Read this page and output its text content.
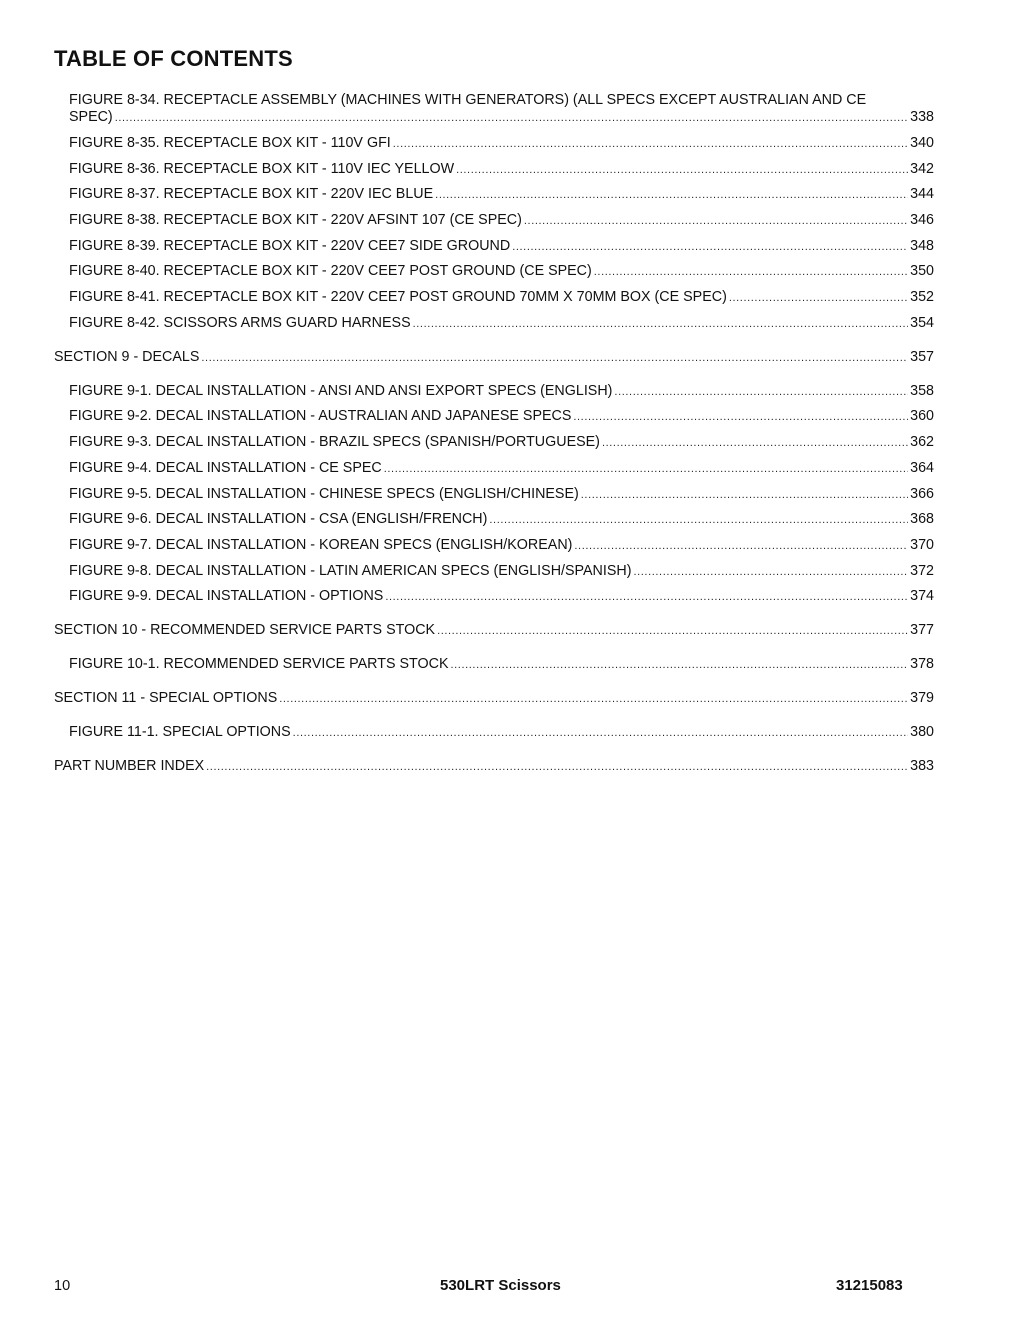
TABLE OF CONTENTS
FIGURE 8-34. RECEPTACLE ASSEMBLY (MACHINES WITH GENERATORS) (ALL SPECS EXCEPT AUSTRALIAN AND CE
SPEC) .....	338
FIGURE 8-35. RECEPTACLE BOX KIT - 110V GFI .....	340
FIGURE 8-36. RECEPTACLE BOX KIT - 110V IEC YELLOW .....	342
FIGURE 8-37. RECEPTACLE BOX KIT - 220V IEC BLUE .....	344
FIGURE 8-38. RECEPTACLE BOX KIT - 220V AFSINT 107 (CE SPEC) .....	346
FIGURE 8-39. RECEPTACLE BOX KIT - 220V CEE7 SIDE GROUND .....	348
FIGURE 8-40. RECEPTACLE BOX KIT - 220V CEE7 POST GROUND (CE SPEC) .....	350
FIGURE 8-41. RECEPTACLE BOX KIT - 220V CEE7 POST GROUND 70MM X 70MM BOX (CE SPEC) .....	352
FIGURE 8-42. SCISSORS ARMS GUARD HARNESS .....	354
SECTION 9 - DECALS .....	357
FIGURE 9-1. DECAL INSTALLATION - ANSI AND ANSI EXPORT SPECS (ENGLISH) .....	358
FIGURE 9-2. DECAL INSTALLATION - AUSTRALIAN AND JAPANESE SPECS .....	360
FIGURE 9-3. DECAL INSTALLATION - BRAZIL SPECS (SPANISH/PORTUGUESE) .....	362
FIGURE 9-4. DECAL INSTALLATION - CE SPEC .....	364
FIGURE 9-5. DECAL INSTALLATION - CHINESE SPECS (ENGLISH/CHINESE) .....	366
FIGURE 9-6. DECAL INSTALLATION - CSA (ENGLISH/FRENCH) .....	368
FIGURE 9-7. DECAL INSTALLATION - KOREAN SPECS (ENGLISH/KOREAN) .....	370
FIGURE 9-8. DECAL INSTALLATION - LATIN AMERICAN SPECS (ENGLISH/SPANISH) .....	372
FIGURE 9-9. DECAL INSTALLATION - OPTIONS .....	374
SECTION 10 - RECOMMENDED SERVICE PARTS STOCK .....	377
FIGURE 10-1. RECOMMENDED SERVICE PARTS STOCK .....	378
SECTION 11 - SPECIAL OPTIONS .....	379
FIGURE 11-1. SPECIAL OPTIONS .....	380
PART NUMBER INDEX .....	383
10	530LRT Scissors	31215083
